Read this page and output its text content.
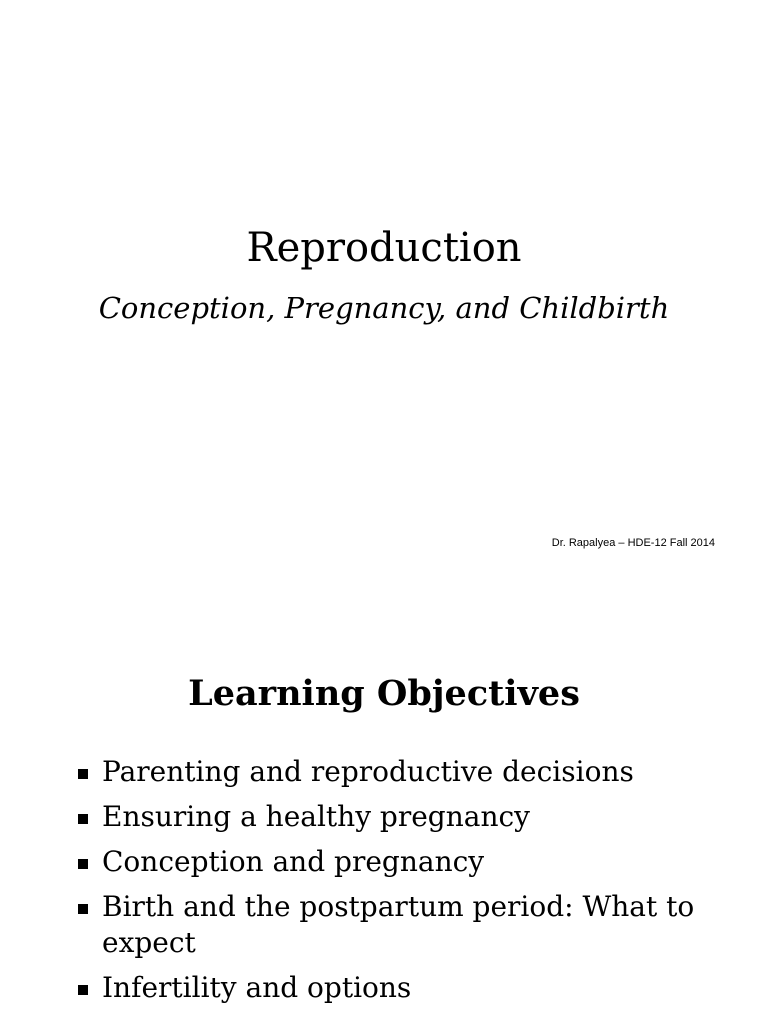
Reproduction
Conception, Pregnancy, and Childbirth
Dr. Rapalyea – HDE-12 Fall 2014
Learning Objectives
Parenting and reproductive decisions
Ensuring a healthy pregnancy
Conception and pregnancy
Birth and the postpartum period: What to expect
Infertility and options
